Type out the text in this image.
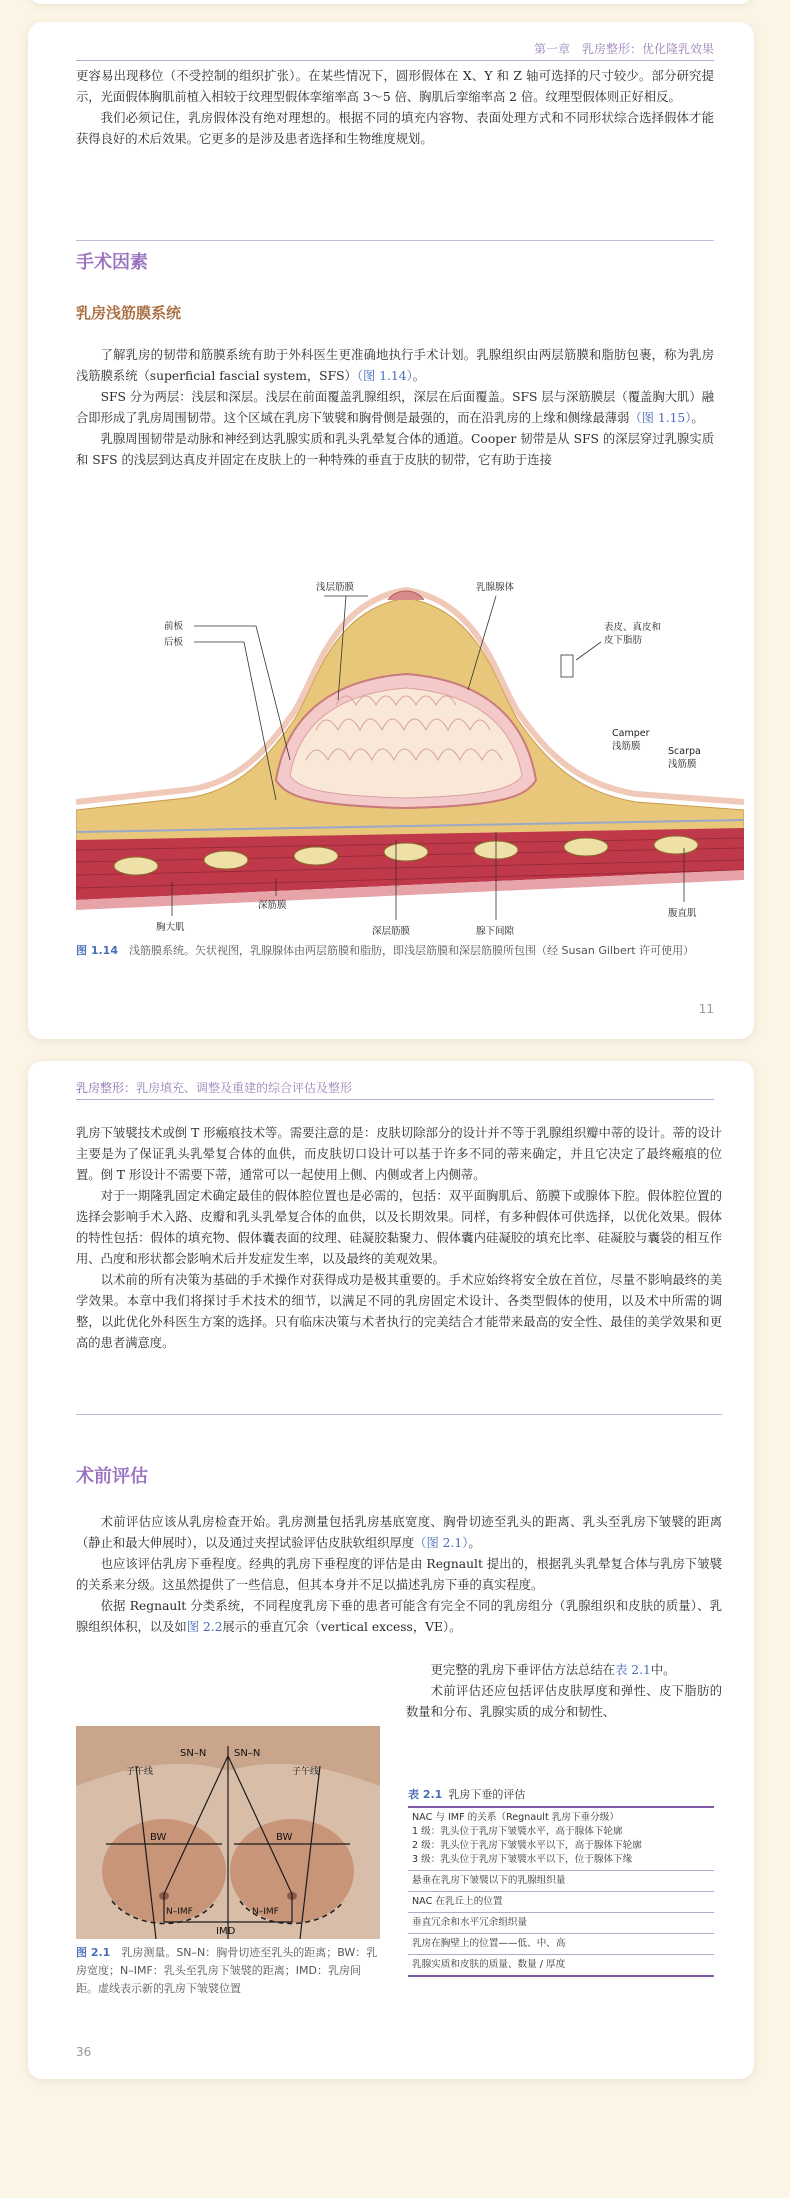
第一章　乳房整形：优化隆乳效果

更容易出现移位（不受控制的组织扩张）。在某些情况下，圆形假体在 X、Y 和 Z 轴可选择的尺寸较少。部分研究提示，光面假体胸肌前植入相较于纹理型假体挛缩率高 3～5 倍、胸肌后挛缩率高 2 倍。纹理型假体则正好相反。

我们必须记住，乳房假体没有绝对理想的。根据不同的填充内容物、表面处理方式和不同形状综合选择假体才能获得良好的术后效果。它更多的是涉及患者选择和生物维度规划。

手术因素
乳房浅筋膜系统

了解乳房的韧带和筋膜系统有助于外科医生更准确地执行手术计划。乳腺组织由两层筋膜和脂肪包裹，称为乳房浅筋膜系统（superficial fascial system，SFS）（图 1.14）。

SFS 分为两层：浅层和深层。浅层在前面覆盖乳腺组织，深层在后面覆盖。SFS 层与深筋膜层（覆盖胸大肌）融合即形成了乳房周围韧带。这个区域在乳房下皱襞和胸骨侧是最强的，而在沿乳房的上缘和侧缘最薄弱（图 1.15）。

乳腺周围韧带是动脉和神经到达乳腺实质和乳头乳晕复合体的通道。Cooper 韧带是从 SFS 的深层穿过乳腺实质和 SFS 的浅层到达真皮并固定在皮肤上的一种特殊的垂直于皮肤的韧带，它有助于连接

浅层筋膜	乳腺腺体
前板
后板
表皮、真皮和
皮下脂肪
Camper
浅筋膜	Scarpa
浅筋膜
胸大肌
深筋膜
深层筋膜	腺下间隙
腹直肌
图 1.14　 浅筋膜系统。矢状视图，乳腺腺体由两层筋膜和脂肪，即浅层筋膜和深层筋膜所包围（经 Susan Gilbert 许可使用）
11
乳房整形：乳房填充、调整及重建的综合评估及整形

乳房下皱襞技术或倒 T 形瘢痕技术等。需要注意的是：皮肤切除部分的设计并不等于乳腺组织瓣中蒂的设计。蒂的设计主要是为了保证乳头乳晕复合体的血供，而皮肤切口设计可以基于许多不同的蒂来确定，并且它决定了最终瘢痕的位置。倒 T 形设计不需要下蒂，通常可以一起使用上侧、内侧或者上内侧蒂。

对于一期隆乳固定术确定最佳的假体腔位置也是必需的，包括：双平面胸肌后、筋膜下或腺体下腔。假体腔位置的选择会影响手术入路、皮瓣和乳头乳晕复合体的血供，以及长期效果。同样，有多种假体可供选择，以优化效果。假体的特性包括：假体的填充物、假体囊表面的纹理、硅凝胶黏聚力、假体囊内硅凝胶的填充比率、硅凝胶与囊袋的相互作用、凸度和形状都会影响术后并发症发生率，以及最终的美观效果。

以术前的所有决策为基础的手术操作对获得成功是极其重要的。手术应始终将安全放在首位，尽量不影响最终的美学效果。本章中我们将探讨手术技术的细节，以满足不同的乳房固定术设计、各类型假体的使用，以及术中所需的调整，以此优化外科医生方案的选择。只有临床决策与术者执行的完美结合才能带来最高的安全性、最佳的美学效果和更高的患者满意度。

术前评估

术前评估应该从乳房检查开始。乳房测量包括乳房基底宽度、胸骨切迹至乳头的距离、乳头至乳房下皱襞的距离（静止和最大伸展时），以及通过夹捏试验评估皮肤软组织厚度（图 2.1）。

也应该评估乳房下垂程度。经典的乳房下垂程度的评估是由 Regnault 提出的，根据乳头乳晕复合体与乳房下皱襞的关系来分级。这虽然提供了一些信息，但其本身并不足以描述乳房下垂的真实程度。

依据 Regnault 分类系统，不同程度乳房下垂的患者可能含有完全不同的乳房组分（乳腺组织和皮肤的质量）、乳腺组织体积，以及如图 2.2展示的垂直冗余（vertical excess，VE）。

更完整的乳房下垂评估方法总结在表 2.1中。

术前评估还应包括评估皮肤厚度和弹性、皮下脂肪的数量和分布、乳腺实质的成分和韧性、

SN–N	SN–N
子午线	子午线
BW	BW
N–IMF	N–IMF
IMD
图 2.1　 乳房测量。SN–N：胸骨切迹至乳头的距离；BW：乳房宽度；N–IMF：乳头至乳房下皱襞的距离；IMD：乳房间距。虚线表示新的乳房下皱襞位置
表 2.1 乳房下垂的评估
NAC 与 IMF 的关系（Regnault 乳房下垂分级）
1 级：乳头位于乳房下皱襞水平，高于腺体下轮廓
2 级：乳头位于乳房下皱襞水平以下，高于腺体下轮廓
3 级：乳头位于乳房下皱襞水平以下，位于腺体下缘
悬垂在乳房下皱襞以下的乳腺组织量
NAC 在乳丘上的位置
垂直冗余和水平冗余组织量
乳房在胸壁上的位置——低、中、高
乳腺实质和皮肤的质量、数量 / 厚度
36
